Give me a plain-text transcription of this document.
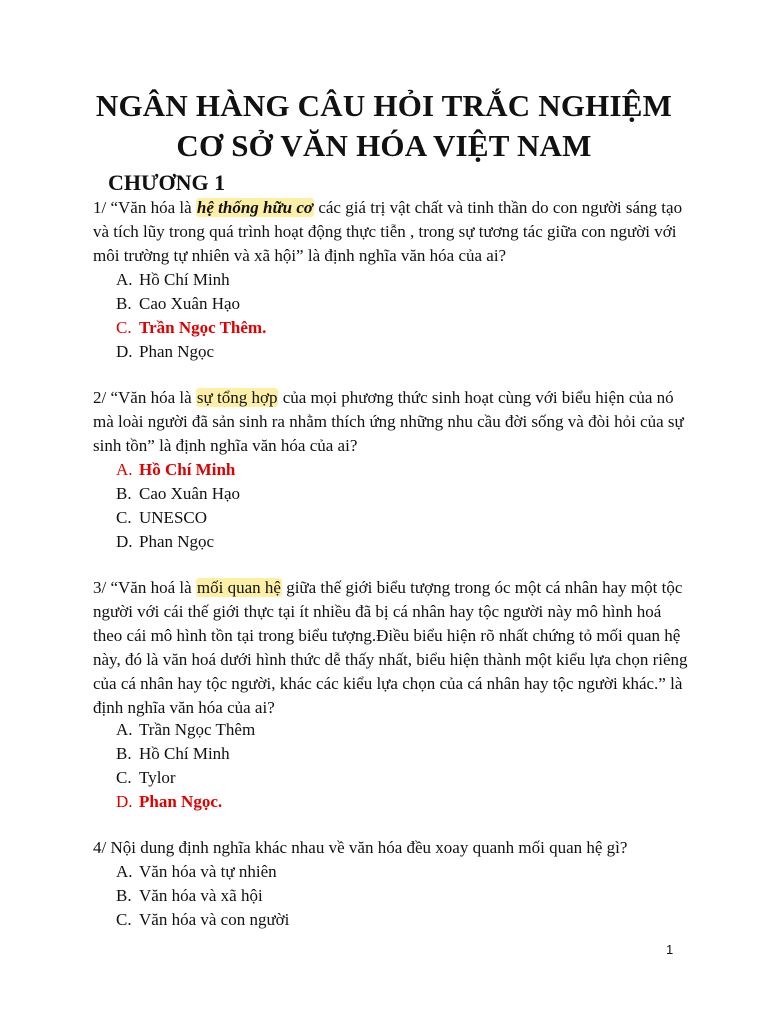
NGÂN HÀNG CÂU HỎI TRẮC NGHIỆM
CƠ SỞ VĂN HÓA VIỆT NAM
CHƯƠNG 1
1/ “Văn hóa là hệ thống hữu cơ các giá trị vật chất và tinh thần do con người sáng tạo và tích lũy trong quá trình hoạt động thực tiễn , trong sự tương tác giữa con người với môi trường tự nhiên và xã hội” là định nghĩa văn hóa của ai?
A. Hồ Chí Minh
B. Cao Xuân Hạo
C. Trần Ngọc Thêm.
D. Phan Ngọc
2/ “Văn hóa là sự tổng hợp của mọi phương thức sinh hoạt cùng với biểu hiện của nó mà loài người đã sản sinh ra nhằm thích ứng những nhu cầu đời sống và đòi hỏi của sự sinh tồn” là định nghĩa văn hóa của ai?
A. Hồ Chí Minh
B. Cao Xuân Hạo
C. UNESCO
D. Phan Ngọc
3/ “Văn hoá là mối quan hệ giữa thế giới biểu tượng trong óc một cá nhân hay một tộc người với cái thế giới thực tại ít nhiều đã bị cá nhân hay tộc người này mô hình hoá theo cái mô hình tồn tại trong biểu tượng.Điều biểu hiện rõ nhất chứng tỏ mối quan hệ này, đó là văn hoá dưới hình thức dễ thấy nhất, biểu hiện thành một kiểu lựa chọn riêng của cá nhân hay tộc người, khác các kiểu lựa chọn của cá nhân hay tộc người khác.” là định nghĩa văn hóa của ai?
A. Trần Ngọc Thêm
B. Hồ Chí Minh
C. Tylor
D. Phan Ngọc.
4/ Nội dung định nghĩa khác nhau về văn hóa đều xoay quanh mối quan hệ gì?
A. Văn hóa và tự nhiên
B. Văn hóa và xã hội
C. Văn hóa và con người
1
